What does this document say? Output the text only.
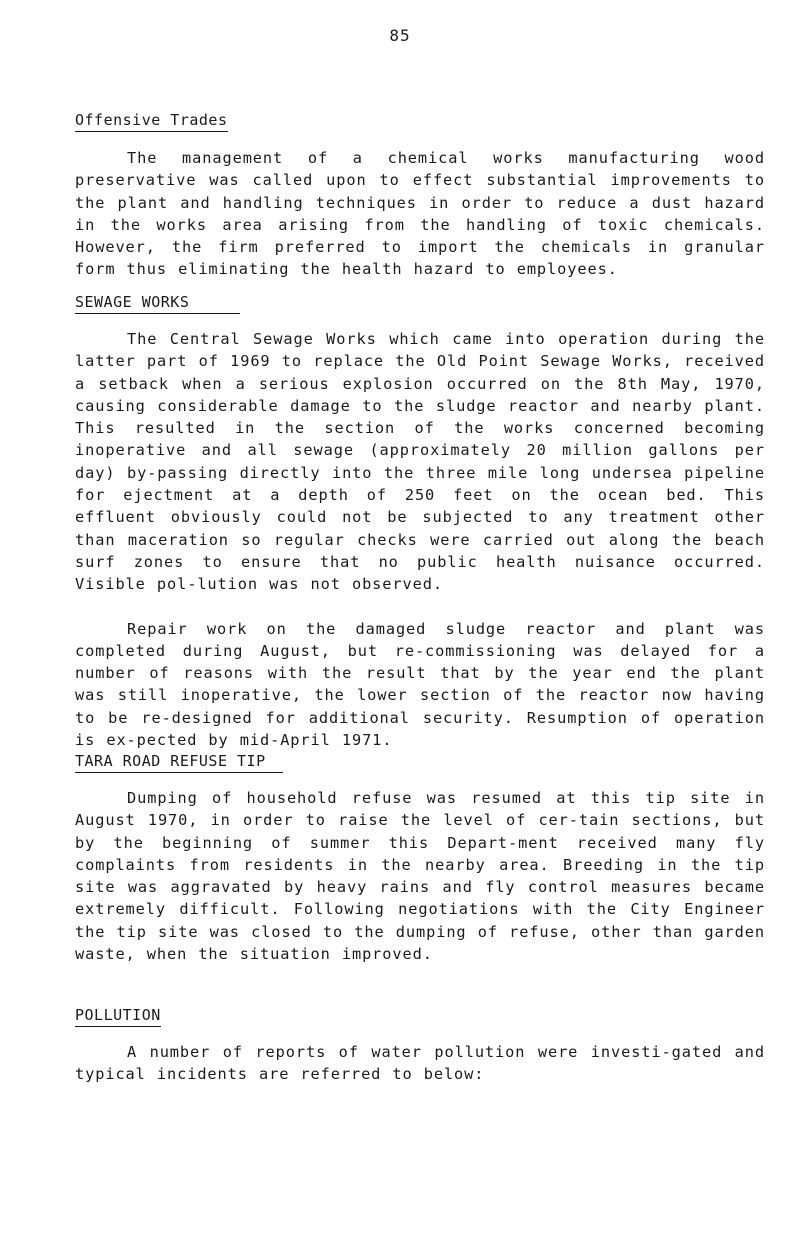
85
Offensive Trades

The management of a chemical works manufacturing wood preservative was called upon to effect substantial improvements to the plant and handling techniques in order to reduce a dust hazard in the works area arising from the handling of toxic chemicals. However, the firm preferred to import the chemicals in granular form thus eliminating the health hazard to employees.

SEWAGE WORKS

The Central Sewage Works which came into operation during the latter part of 1969 to replace the Old Point Sewage Works, received a setback when a serious explosion occurred on the 8th May, 1970, causing considerable damage to the sludge reactor and nearby plant. This resulted in the section of the works concerned becoming inoperative and all sewage (approximately 20 million gallons per day) by-passing directly into the three mile long undersea pipeline for ejectment at a depth of 250 feet on the ocean bed. This effluent obviously could not be subjected to any treatment other than maceration so regular checks were carried out along the beach surf zones to ensure that no public health nuisance occurred. Visible pol-lution was not observed.

Repair work on the damaged sludge reactor and plant was completed during August, but re-commissioning was delayed for a number of reasons with the result that by the year end the plant was still inoperative, the lower section of the reactor now having to be re-designed for additional security. Resumption of operation is ex-pected by mid-April 1971.

TARA ROAD REFUSE TIP

Dumping of household refuse was resumed at this tip site in August 1970, in order to raise the level of cer-tain sections, but by the beginning of summer this Depart-ment received many fly complaints from residents in the nearby area. Breeding in the tip site was aggravated by heavy rains and fly control measures became extremely difficult. Following negotiations with the City Engineer the tip site was closed to the dumping of refuse, other than garden waste, when the situation improved.

POLLUTION

A number of reports of water pollution were investi-gated and typical incidents are referred to below:
